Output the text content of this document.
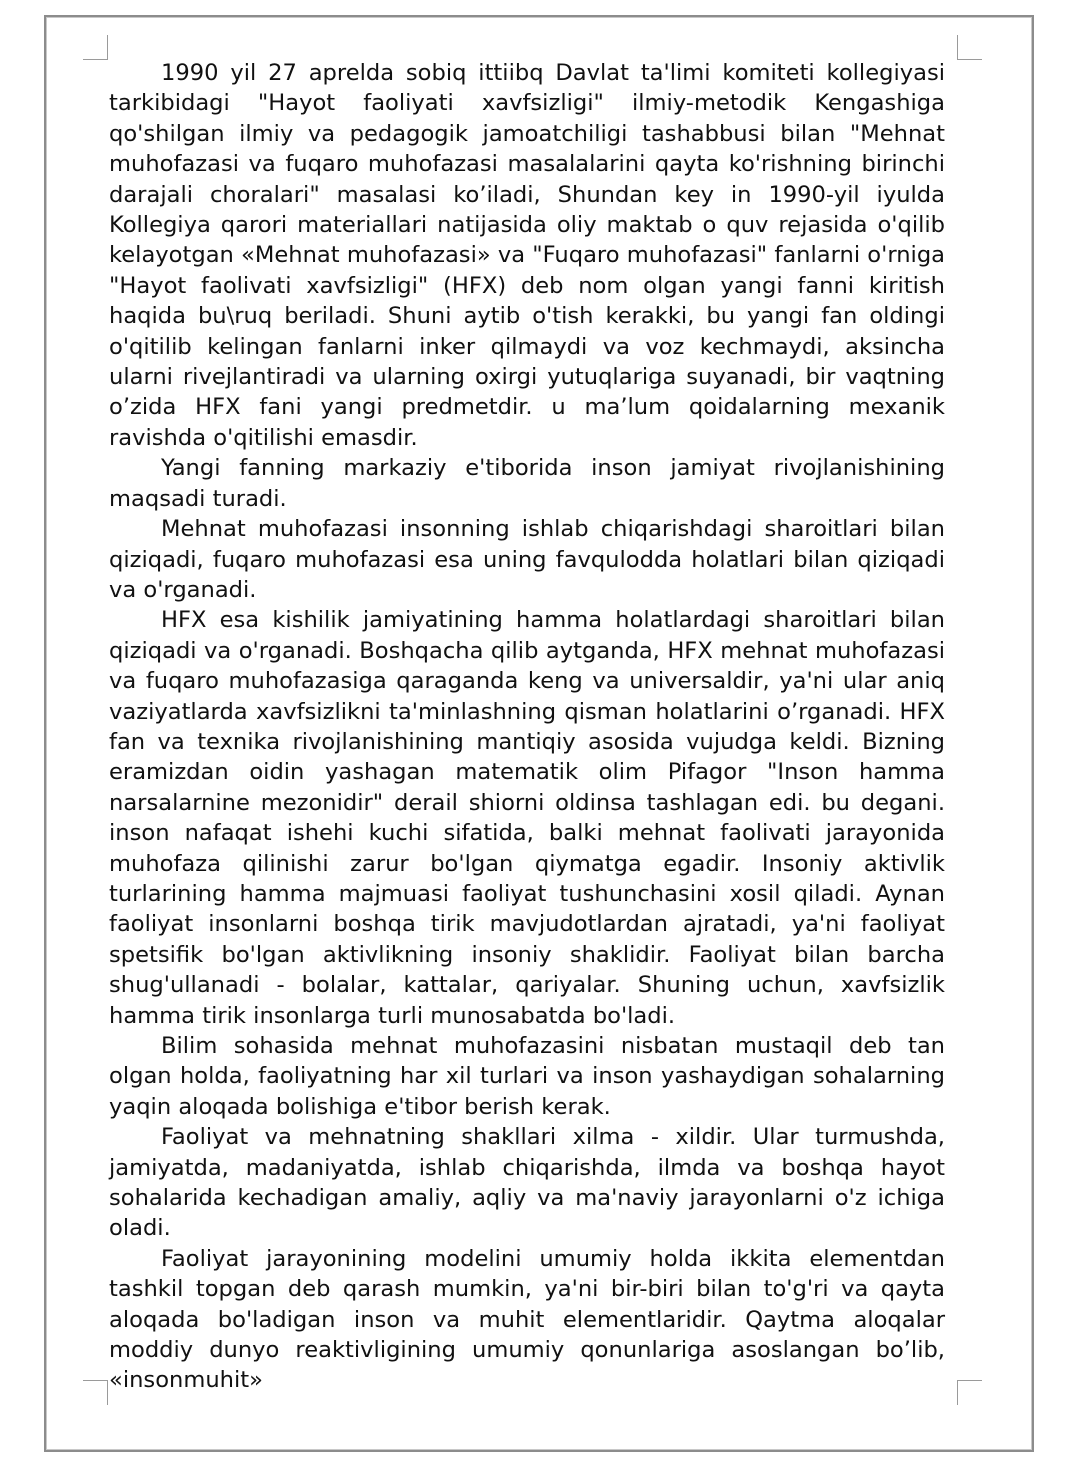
1990 yil 27 aprelda sobiq ittiibq Davlat ta'limi komiteti kollegiyasi tarkibidagi "Hayot faoliyati xavfsizligi" ilmiy-metodik Kengashiga qo'shilgan ilmiy va pedagogik jamoatchiligi tashabbusi bilan "Mehnat muhofazasi va fuqaro muhofazasi masalalarini qayta ko'rishning birinchi darajali choralari" masalasi ko’iladi, Shundan key in 1990-yil iyulda Kollegiya qarori materiallari natijasida oliy maktab o quv rejasida o'qilib kelayotgan «Mehnat muhofazasi» va "Fuqaro muhofazasi" fanlarni o'rniga "Hayot faolivati xavfsizligi" (HFX) deb nom olgan yangi fanni kiritish haqida bu\ruq beriladi. Shuni aytib o'tish kerakki, bu yangi fan oldingi o'qitilib kelingan fanlarni inker qilmaydi va voz kechmaydi, aksincha ularni rivejlantiradi va ularning oxirgi yutuqlariga suyanadi, bir vaqtning o’zida HFX fani yangi predmetdir. u ma’lum qoidalarning mexanik ravishda o'qitilishi emasdir.

Yangi fanning markaziy e'tiborida inson jamiyat rivojlanishining maqsadi turadi.

Mehnat muhofazasi insonning ishlab chiqarishdagi sharoitlari bilan qiziqadi, fuqaro muhofazasi esa uning favqulodda holatlari bilan qiziqadi va o'rganadi.

HFX esa kishilik jamiyatining hamma holatlardagi sharoitlari bilan qiziqadi va o'rganadi. Boshqacha qilib aytganda, HFX mehnat muhofazasi va fuqaro muhofazasiga qaraganda keng va universaldir, ya'ni ular aniq vaziyatlarda xavfsizlikni ta'minlashning qisman holatlarini o’rganadi. HFX fan va texnika rivojlanishining mantiqiy asosida vujudga keldi. Bizning eramizdan oidin yashagan matematik olim Pifagor "Inson hamma narsalarnine mezonidir" derail shiorni oldinsa tashlagan edi. bu degani. inson nafaqat ishehi kuchi sifatida, balki mehnat faolivati jarayonida muhofaza qilinishi zarur bo'lgan qiymatga egadir. Insoniy aktivlik turlarining hamma majmuasi faoliyat tushunchasini xosil qiladi. Aynan faoliyat insonlarni boshqa tirik mavjudotlardan ajratadi, ya'ni faoliyat spetsifik bo'lgan aktivlikning insoniy shaklidir. Faoliyat bilan barcha shug'ullanadi - bolalar, kattalar, qariyalar. Shuning uchun, xavfsizlik hamma tirik insonlarga turli munosabatda bo'ladi.

Bilim sohasida mehnat muhofazasini nisbatan mustaqil deb tan olgan holda, faoliyatning har xil turlari va inson yashaydigan sohalarning yaqin aloqada bolishiga e'tibor berish kerak.

Faoliyat va mehnatning shakllari xilma - xildir. Ular turmushda, jamiyatda, madaniyatda, ishlab chiqarishda, ilmda va boshqa hayot sohalarida kechadigan amaliy, aqliy va ma'naviy jarayonlarni o'z ichiga oladi.

Faoliyat jarayonining modelini umumiy holda ikkita elementdan tashkil topgan deb qarash mumkin, ya'ni bir-biri bilan to'g'ri va qayta aloqada bo'ladigan inson va muhit elementlaridir. Qaytma aloqalar moddiy dunyo reaktivligining umumiy qonunlariga asoslangan bo’lib, «insonmuhit»
